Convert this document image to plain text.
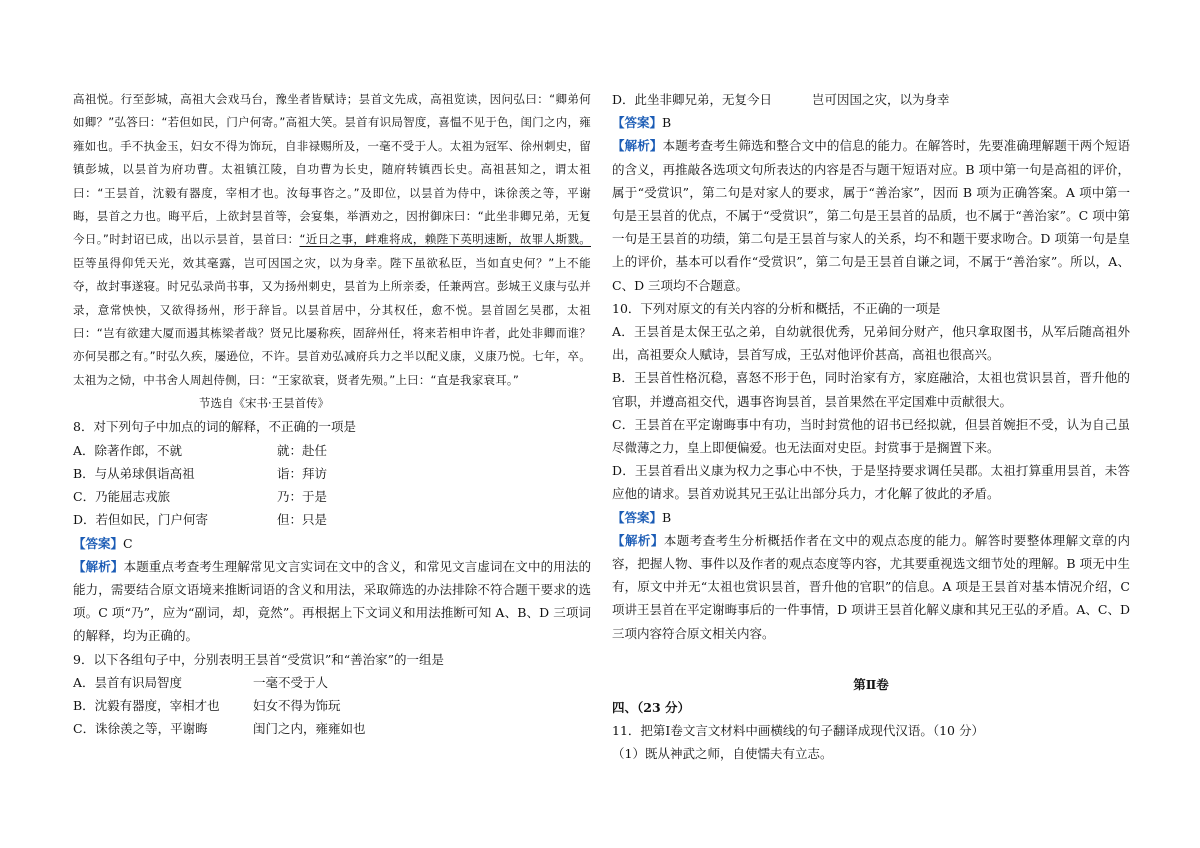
高祖悦。行至彭城，高祖大会戏马台，豫坐者皆赋诗；昙首文先成，高祖览读，因问弘曰：“卿弟何如卿？”弘答曰：“若但如民，门户何寄。”高祖大笑。昙首有识局智度，喜愠不见于色，闺门之内，雍雍如也。手不执金玉，妇女不得为饰玩，自非禄赐所及，一毫不受于人。太祖为冠军、徐州刺史，留镇彭城，以昙首为府功曹。太祖镇江陵，自功曹为长史，随府转镇西长史。高祖甚知之，谓太祖曰：“王昙首，沈毅有器度，宰相才也。汝每事咨之。”及即位，以昙首为侍中，诛徐羡之等，平谢晦，昙首之力也。晦平后，上欲封昙首等，会宴集，举酒劝之，因拊御床曰：“此坐非卿兄弟，无复今日。”时封诏已成，出以示昙首，昙首曰：“近日之事，衅难将成，赖陛下英明速断，故罪人斯戮。臣等虽得仰凭天光，效其毫露，岂可因国之灾，以为身幸。陛下虽欲私臣，当如直史何？”上不能夺，故封事遂寝。时兄弘录尚书事，又为扬州刺史，昙首为上所亲委，任兼两宫。彭城王义康与弘并录，意常怏怏，又欲得扬州，形于辞旨。以昙首居中，分其权任，愈不悦。昙首固乞吴郡，太祖曰：“岂有欲建大厦而遏其栋梁者哉？贤兄比屡称疾，固辞州任，将来若相申许者，此处非卿而谁？亦何吴郡之有。”时弘久疾，屡逊位，不许。昙首劝弘减府兵力之半以配义康，义康乃悦。七年，卒。太祖为之恸，中书舍人周赳侍侧，曰：“王家欲衰，贤者先殒。”上曰：“直是我家衰耳。”

节选自《宋书·王昙首传》
8．对下列句子中加点的词的解释，不正确的一项是
A．除著作郎，不就	就：赴任
B．与从弟球俱诣高祖	诣：拜访
C．乃能屈志戎旅	乃：于是
D．若但如民，门户何寄	但：只是
【答案】C

【解析】本题重点考查考生理解常见文言实词在文中的含义，和常见文言虚词在文中的用法的能力，需要结合原文语境来推断词语的含义和用法，采取筛选的办法排除不符合题干要求的选项。C 项“乃”，应为“副词，却，竟然”。再根据上下文词义和用法推断可知 A、B、D 三项词的解释，均为正确的。

9．以下各组句子中，分别表明王昙首“受赏识”和“善治家”的一组是
A．昙首有识局智度	一毫不受于人
B．沈毅有器度，宰相才也	妇女不得为饰玩
C．诛徐羡之等，平谢晦	闺门之内，雍雍如也
D．此坐非卿兄弟，无复今日	岂可因国之灾，以为身幸
【答案】B

【解析】本题考查考生筛选和整合文中的信息的能力。在解答时，先要准确理解题干两个短语的含义，再推敲各选项文句所表达的内容是否与题干短语对应。B 项中第一句是高祖的评价，属于“受赏识”，第二句是对家人的要求，属于“善治家”，因而 B 项为正确答案。A 项中第一句是王昙首的优点，不属于“受赏识”，第二句是王昙首的品质，也不属于“善治家”。C 项中第一句是王昙首的功绩，第二句是王昙首与家人的关系，均不和题干要求吻合。D 项第一句是皇上的评价，基本可以看作“受赏识”，第二句是王昙首自谦之词，不属于“善治家”。所以，A、C、D 三项均不合题意。

10．下列对原文的有关内容的分析和概括，不正确的一项是

A．王昙首是太保王弘之弟，自幼就很优秀，兄弟间分财产，他只拿取图书，从军后随高祖外出，高祖要众人赋诗，昙首写成，王弘对他评价甚高，高祖也很高兴。

B．王昙首性格沉稳，喜怒不形于色，同时治家有方，家庭融洽，太祖也赏识昙首，晋升他的官职，并遵高祖交代，遇事咨询昙首，昙首果然在平定国难中贡献很大。

C．王昙首在平定谢晦事中有功，当时封赏他的诏书已经拟就，但昙首婉拒不受，认为自己虽尽微薄之力，皇上即便偏爱。也无法面对史臣。封赏事于是搁置下来。

D．王昙首看出义康为权力之事心中不快，于是坚持要求调任吴郡。太祖打算重用昙首，未答应他的请求。昙首劝说其兄王弘让出部分兵力，才化解了彼此的矛盾。

【答案】B

【解析】本题考查考生分析概括作者在文中的观点态度的能力。解答时要整体理解文章的内容，把握人物、事件以及作者的观点态度等内容，尤其要重视选文细节处的理解。B 项无中生有，原文中并无“太祖也赏识昙首，晋升他的官职”的信息。A 项是王昙首对基本情况介绍，C 项讲王昙首在平定谢晦事后的一件事情，D 项讲王昙首化解义康和其兄王弘的矛盾。A、C、D 三项内容符合原文相关内容。

第Ⅱ卷
四、（23 分）
11．把第Ⅰ卷文言文材料中画横线的句子翻译成现代汉语。（10 分）
（1）既从神武之师，自使懦夫有立志。
